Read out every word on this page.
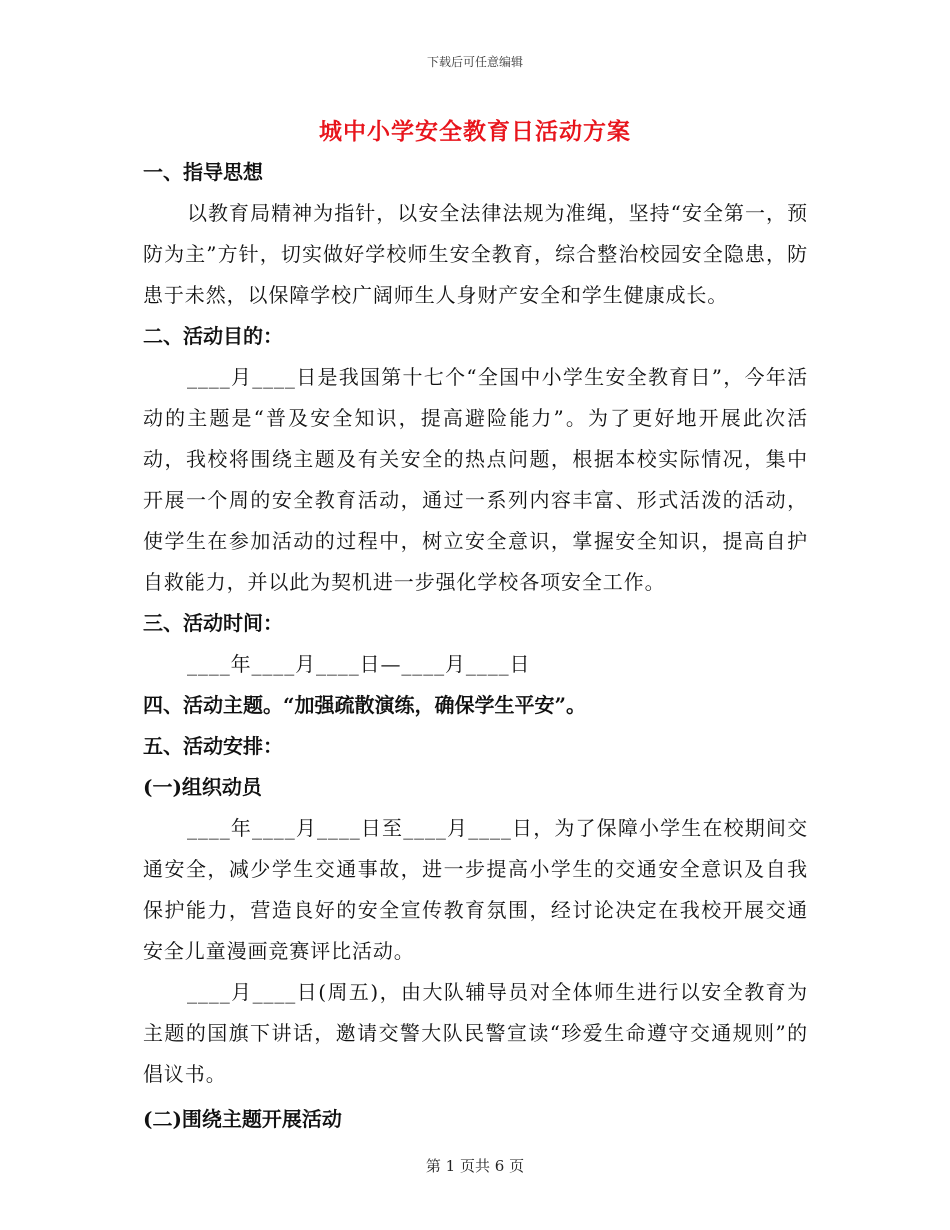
下载后可任意编辑
城中小学安全教育日活动方案

一、指导思想

以教育局精神为指针，以安全法律法规为准绳，坚持“安全第一，预防为主”方针，切实做好学校师生安全教育，综合整治校园安全隐患，防患于未然，以保障学校广阔师生人身财产安全和学生健康成长。

二、活动目的：

____月____日是我国第十七个“全国中小学生安全教育日”，今年活动的主题是“普及安全知识，提高避险能力”。为了更好地开展此次活动，我校将围绕主题及有关安全的热点问题，根据本校实际情况，集中开展一个周的安全教育活动，通过一系列内容丰富、形式活泼的活动，使学生在参加活动的过程中，树立安全意识，掌握安全知识，提高自护自救能力，并以此为契机进一步强化学校各项安全工作。

三、活动时间：

____年____月____日—____月____日

四、活动主题。“加强疏散演练，确保学生平安”。

五、活动安排：

(一)组织动员

____年____月____日至____月____日，为了保障小学生在校期间交通安全，减少学生交通事故，进一步提高小学生的交通安全意识及自我保护能力，营造良好的安全宣传教育氛围，经讨论决定在我校开展交通安全儿童漫画竞赛评比活动。

____月____日(周五)，由大队辅导员对全体师生进行以安全教育为主题的国旗下讲话，邀请交警大队民警宣读“珍爱生命遵守交通规则”的倡议书。

(二)围绕主题开展活动

第 1 页共 6 页
